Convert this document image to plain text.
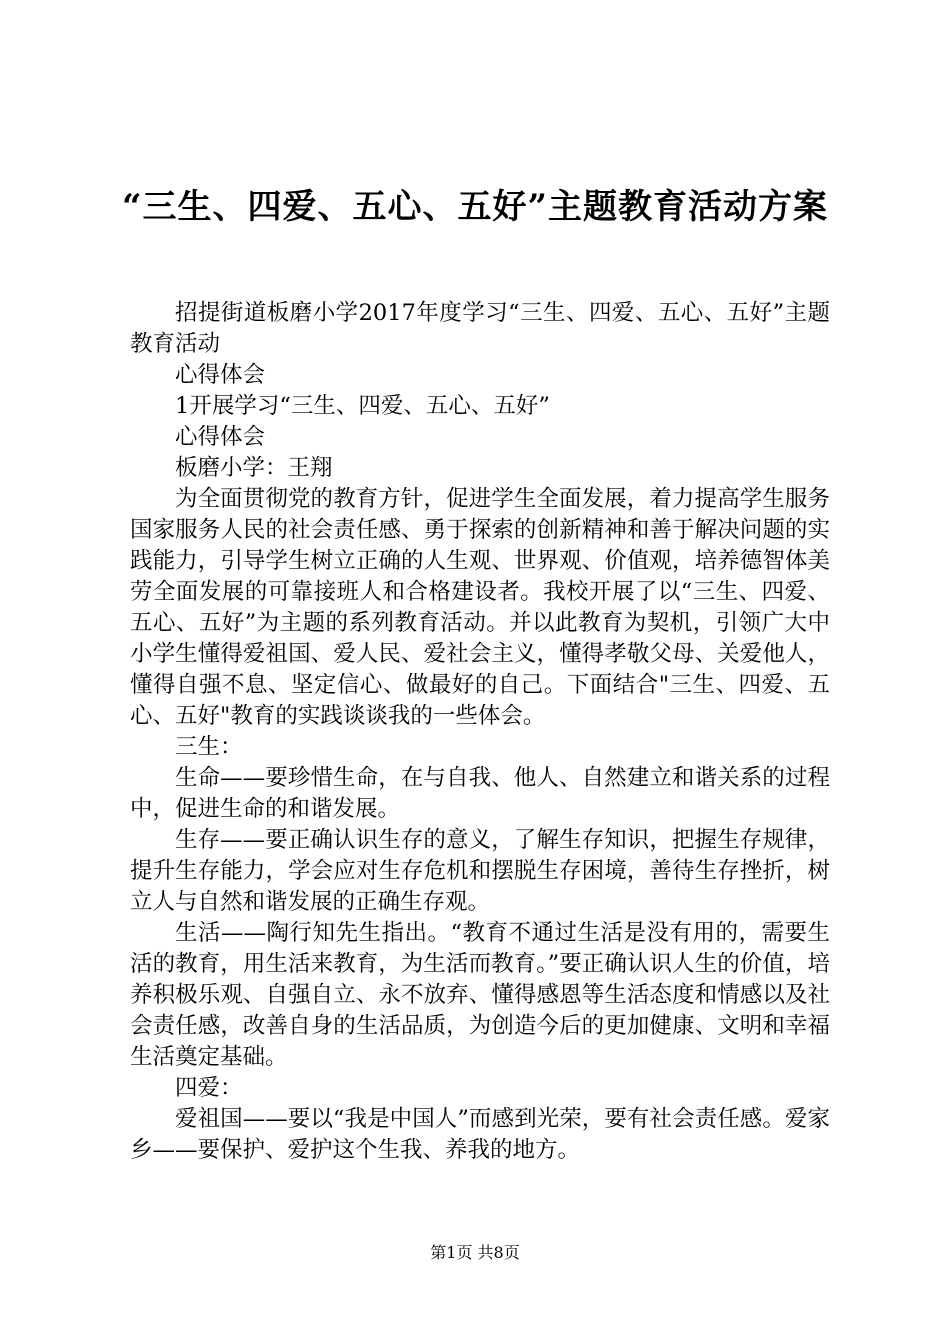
“三生、四爱、五心、五好”主题教育活动方案

招提街道板磨小学2017年度学习“三生、四爱、五心、五好”主题教育活动

心得体会

1开展学习“三生、四爱、五心、五好”

心得体会

板磨小学：王翔

为全面贯彻党的教育方针，促进学生全面发展，着力提高学生服务国家服务人民的社会责任感、勇于探索的创新精神和善于解决问题的实践能力，引导学生树立正确的人生观、世界观、价值观，培养德智体美劳全面发展的可靠接班人和合格建设者。我校开展了以“三生、四爱、五心、五好”为主题的系列教育活动。并以此教育为契机，引领广大中小学生懂得爱祖国、爱人民、爱社会主义，懂得孝敬父母、关爱他人，懂得自强不息、坚定信心、做最好的自己。下面结合"三生、四爱、五心、五好"教育的实践谈谈我的一些体会。

三生：

生命——要珍惜生命，在与自我、他人、自然建立和谐关系的过程中，促进生命的和谐发展。

生存——要正确认识生存的意义，了解生存知识，把握生存规律，提升生存能力，学会应对生存危机和摆脱生存困境，善待生存挫折，树立人与自然和谐发展的正确生存观。

生活——陶行知先生指出。“教育不通过生活是没有用的，需要生活的教育，用生活来教育，为生活而教育。”要正确认识人生的价值，培养积极乐观、自强自立、永不放弃、懂得感恩等生活态度和情感以及社会责任感，改善自身的生活品质，为创造今后的更加健康、文明和幸福生活奠定基础。

四爱：

爱祖国——要以“我是中国人”而感到光荣，要有社会责任感。爱家乡——要保护、爱护这个生我、养我的地方。

第1页 共8页
